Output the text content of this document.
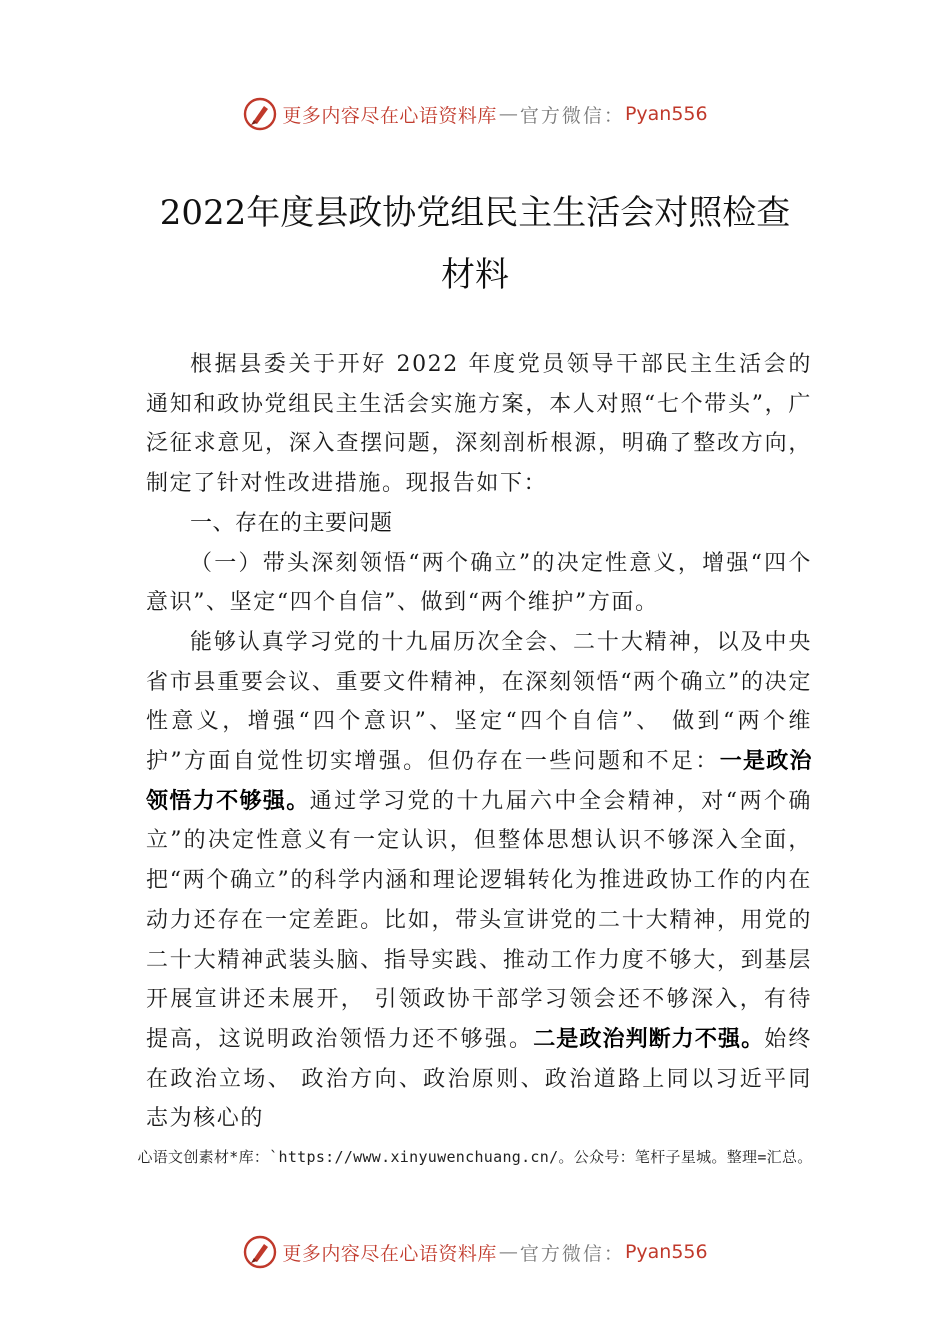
更多内容尽在心语资料库 — 官方微信： Pyan556
2022年度县政协党组民主生活会对照检查
材料

根据县委关于开好 2022 年度党员领导干部民主生活会的通知和政协党组民主生活会实施方案，本人对照“七个带头”，广泛征求意见，深入查摆问题，深刻剖析根源，明确了整改方向，制定了针对性改进措施。现报告如下：

一、存在的主要问题

（一）带头深刻领悟“两个确立”的决定性意义，增强“四个意识”、坚定“四个自信”、做到“两个维护”方面。

能够认真学习党的十九届历次全会、二十大精神，以及中央省市县重要会议、重要文件精神，在深刻领悟“两个确立”的决定性意义，增强“四个意识”、坚定“四个自信”、 做到“两个维护”方面自觉性切实增强。但仍存在一些问题和不足：一是政治领悟力不够强。通过学习党的十九届六中全会精神，对“两个确立”的决定性意义有一定认识，但整体思想认识不够深入全面，把“两个确立”的科学内涵和理论逻辑转化为推进政协工作的内在动力还存在一定差距。比如，带头宣讲党的二十大精神，用党的二十大精神武装头脑、指导实践、推动工作力度不够大，到基层开展宣讲还未展开， 引领政协干部学习领会还不够深入，有待提高，这说明政治领悟力还不够强。二是政治判断力不强。始终在政治立场、 政治方向、政治原则、政治道路上同以习近平同志为核心的

心语文创素材*库：`https://www.xinyuwenchuang.cn/。公众号：笔杆子星城。整理=汇总。
更多内容尽在心语资料库 — 官方微信： Pyan556
